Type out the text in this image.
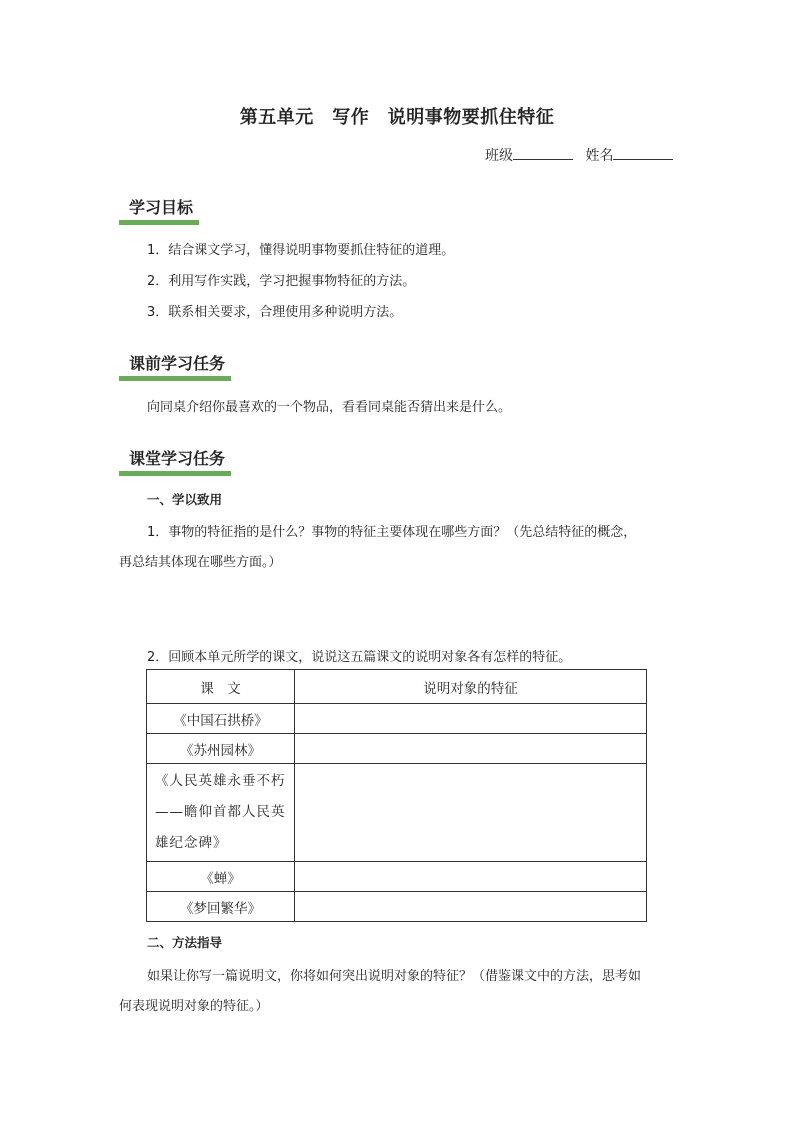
第五单元　写作　说明事物要抓住特征
班级	姓名
学习目标
1．结合课文学习，懂得说明事物要抓住特征的道理。
2．利用写作实践，学习把握事物特征的方法。
3．联系相关要求，合理使用多种说明方法。
课前学习任务
向同桌介绍你最喜欢的一个物品，看看同桌能否猜出来是什么。
课堂学习任务
一、学以致用
1．事物的特征指的是什么？事物的特征主要体现在哪些方面？（先总结特征的概念，
再总结其体现在哪些方面。）
2．回顾本单元所学的课文，说说这五篇课文的说明对象各有怎样的特征。
课　文	说明对象的特征
《中国石拱桥》	
《苏州园林》	
《人民英雄永垂不朽——瞻仰首都人民英雄纪念碑》	
《蝉》	
《梦回繁华》	
二、方法指导
如果让你写一篇说明文，你将如何突出说明对象的特征？（借鉴课文中的方法，思考如
何表现说明对象的特征。）
